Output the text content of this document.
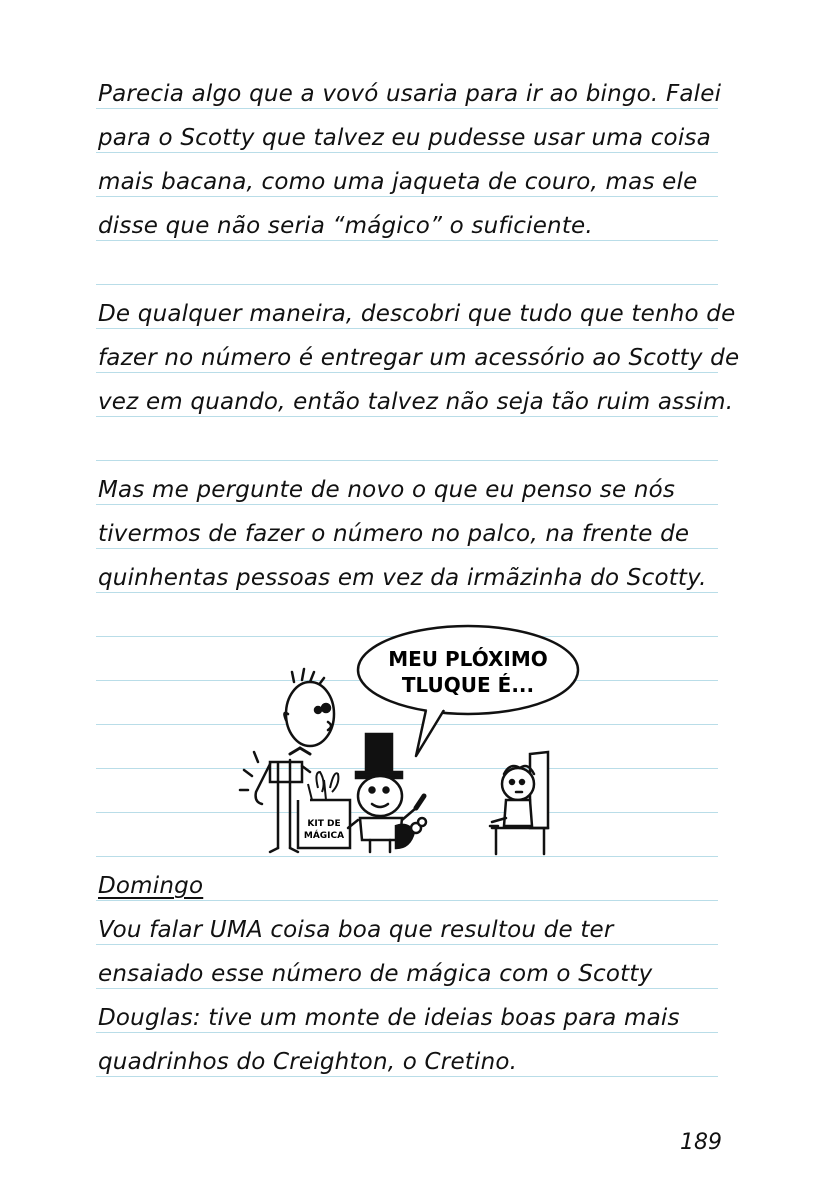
Parecia algo que a vovó usaria para ir ao bingo. Falei
para o Scotty que talvez eu pudesse usar uma coisa
mais bacana, como uma jaqueta de couro, mas ele
disse que não seria “mágico” o suficiente.
De qualquer maneira, descobri que tudo que tenho de
fazer no número é entregar um acessório ao Scotty de
vez em quando, então talvez não seja tão ruim assim.
Mas me pergunte de novo o que eu penso se nós
tivermos de fazer o número no palco, na frente de
quinhentas pessoas em vez da irmãzinha do Scotty.
MEU PLÓXIMO
TLUQUE É...
KIT DE
MÁGICA
Domingo
Vou falar UMA coisa boa que resultou de ter
ensaiado esse número de mágica com o Scotty
Douglas: tive um monte de ideias boas para mais
quadrinhos do Creighton, o Cretino.
189
